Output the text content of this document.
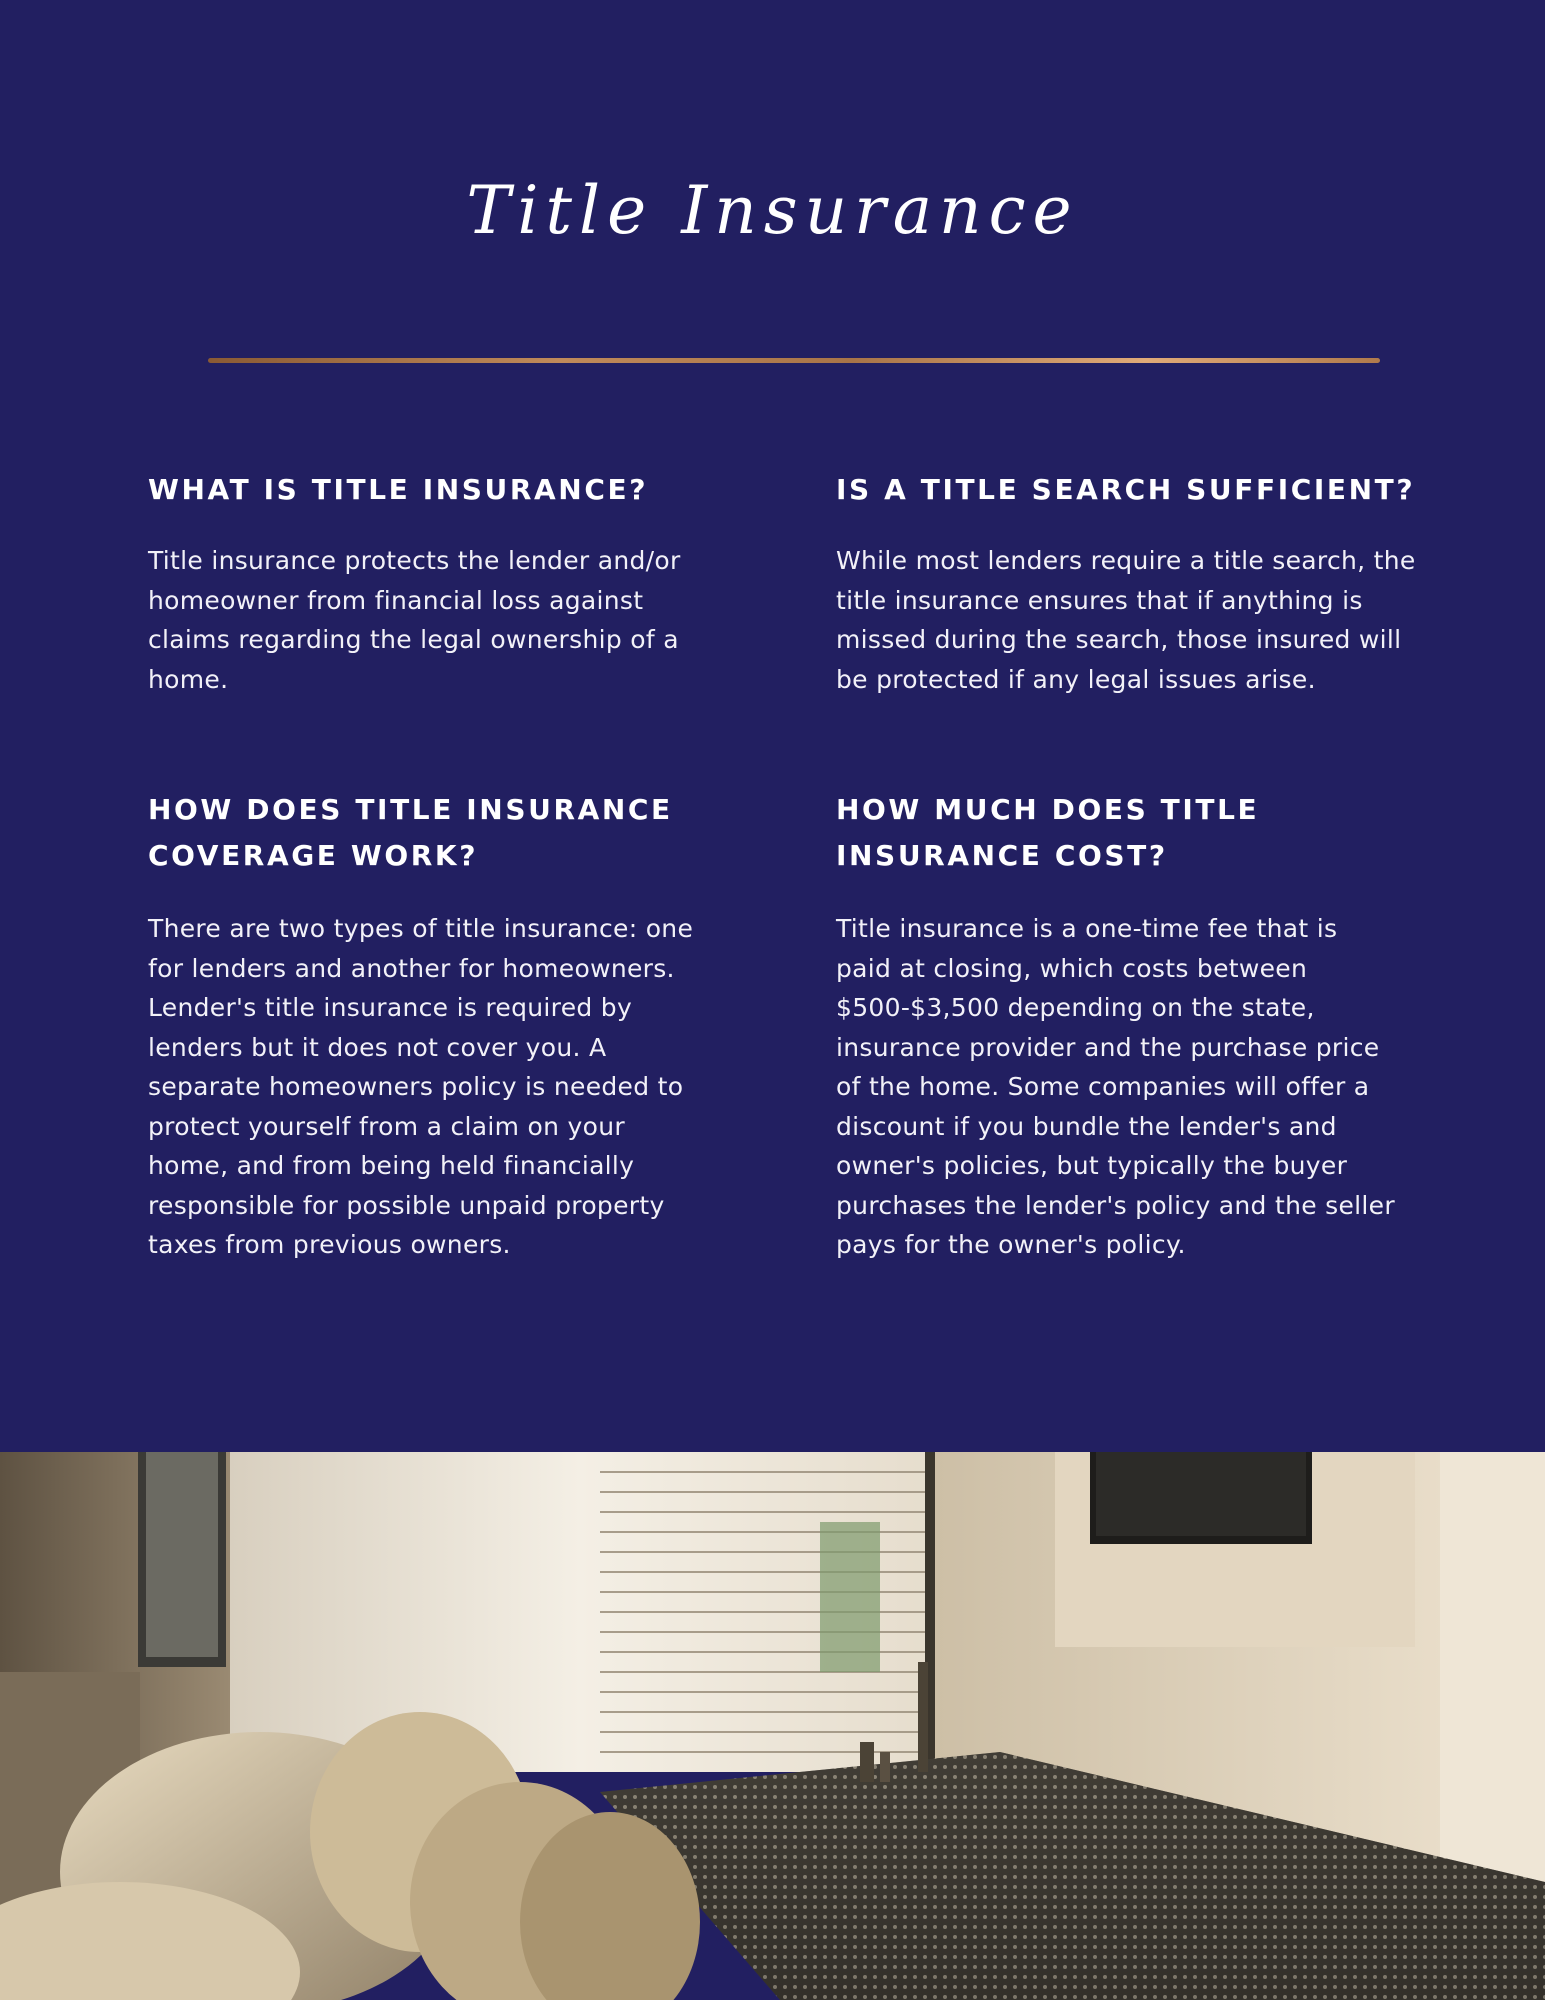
Title Insurance
WHAT IS TITLE INSURANCE?

Title insurance protects the lender and/or homeowner from financial loss against claims regarding the legal ownership of a home.

IS A TITLE SEARCH SUFFICIENT?

While most lenders require a title search, the title insurance ensures that if anything is missed during the search, those insured will be protected if any legal issues arise.

HOW DOES TITLE INSURANCE COVERAGE WORK?

There are two types of title insurance: one for lenders and another for homeowners. Lender's title insurance is required by lenders but it does not cover you. A separate homeowners policy is needed to protect yourself from a claim on your home, and from being held financially responsible for possible unpaid property taxes from previous owners.

HOW MUCH DOES TITLE INSURANCE COST?

Title insurance is a one-time fee that is paid at closing, which costs between $500-$3,500 depending on the state, insurance provider and the purchase price of the home. Some companies will offer a discount if you bundle the lender's and owner's policies, but typically the buyer purchases the lender's policy and the seller pays for the owner's policy.
